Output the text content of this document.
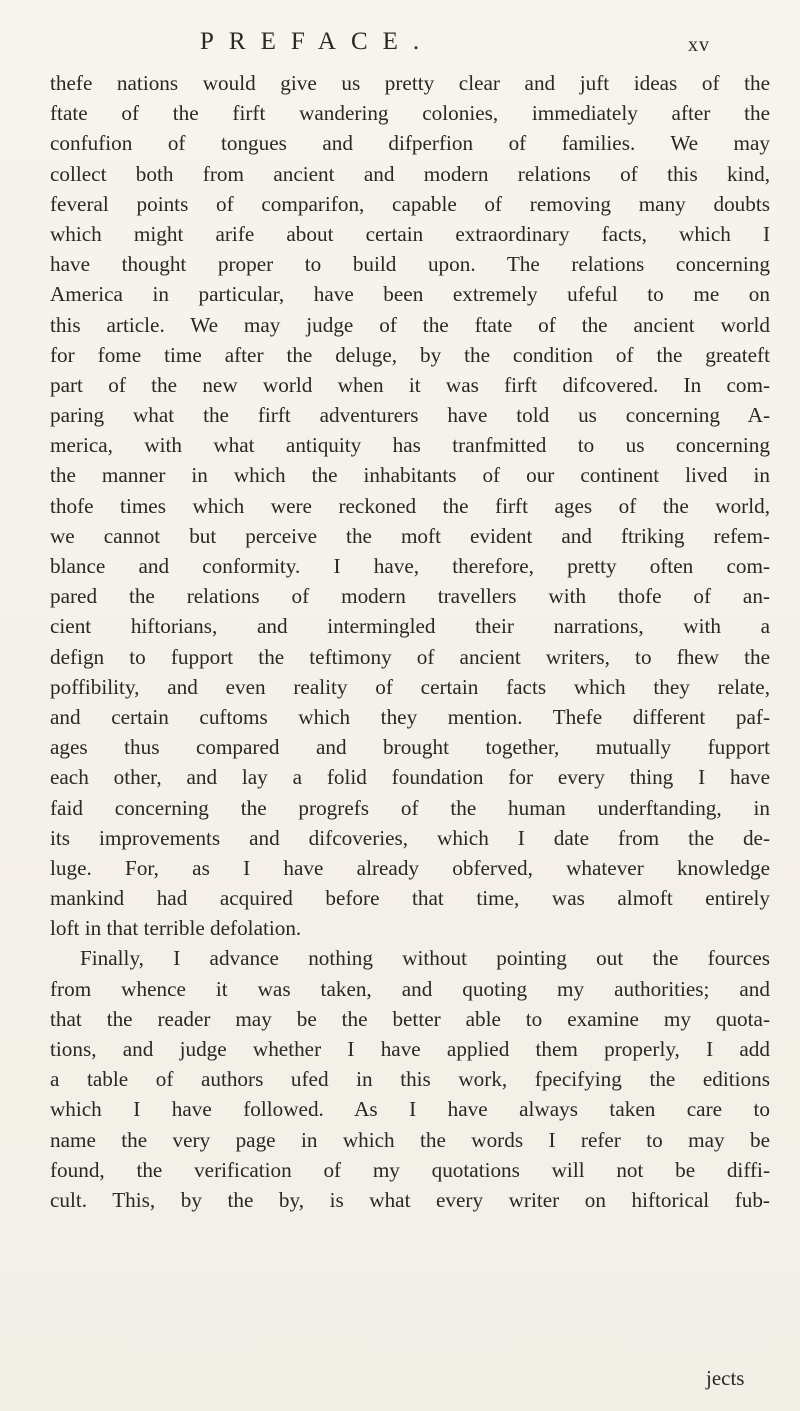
PREFACE.	xv
thefe nations would give us pretty clear and juft ideas of the
ftate of the firft wandering colonies, immediately after the
confufion of tongues and difperfion of families. We may
collect both from ancient and modern relations of this kind,
feveral points of comparifon, capable of removing many doubts
which might arife about certain extraordinary facts, which I
have thought proper to build upon. The relations concerning
America in particular, have been extremely ufeful to me on
this article. We may judge of the ftate of the ancient world
for fome time after the deluge, by the condition of the greateft
part of the new world when it was firft difcovered. In com-
paring what the firft adventurers have told us concerning A-
merica, with what antiquity has tranfmitted to us concerning
the manner in which the inhabitants of our continent lived in
thofe times which were reckoned the firft ages of the world,
we cannot but perceive the moft evident and ftriking refem-
blance and conformity. I have, therefore, pretty often com-
pared the relations of modern travellers with thofe of an-
cient hiftorians, and intermingled their narrations, with a
defign to fupport the teftimony of ancient writers, to fhew the
poffibility, and even reality of certain facts which they relate,
and certain cuftoms which they mention. Thefe different paf-
ages thus compared and brought together, mutually fupport
each other, and lay a folid foundation for every thing I have
faid concerning the progrefs of the human underftanding, in
its improvements and difcoveries, which I date from the de-
luge. For, as I have already obferved, whatever knowledge
mankind had acquired before that time, was almoft entirely
loft in that terrible defolation.
Finally, I advance nothing without pointing out the fources
from whence it was taken, and quoting my authorities; and
that the reader may be the better able to examine my quota-
tions, and judge whether I have applied them properly, I add
a table of authors ufed in this work, fpecifying the editions
which I have followed. As I have always taken care to
name the very page in which the words I refer to may be
found, the verification of my quotations will not be diffi-
cult. This, by the by, is what every writer on hiftorical fub-
jects
